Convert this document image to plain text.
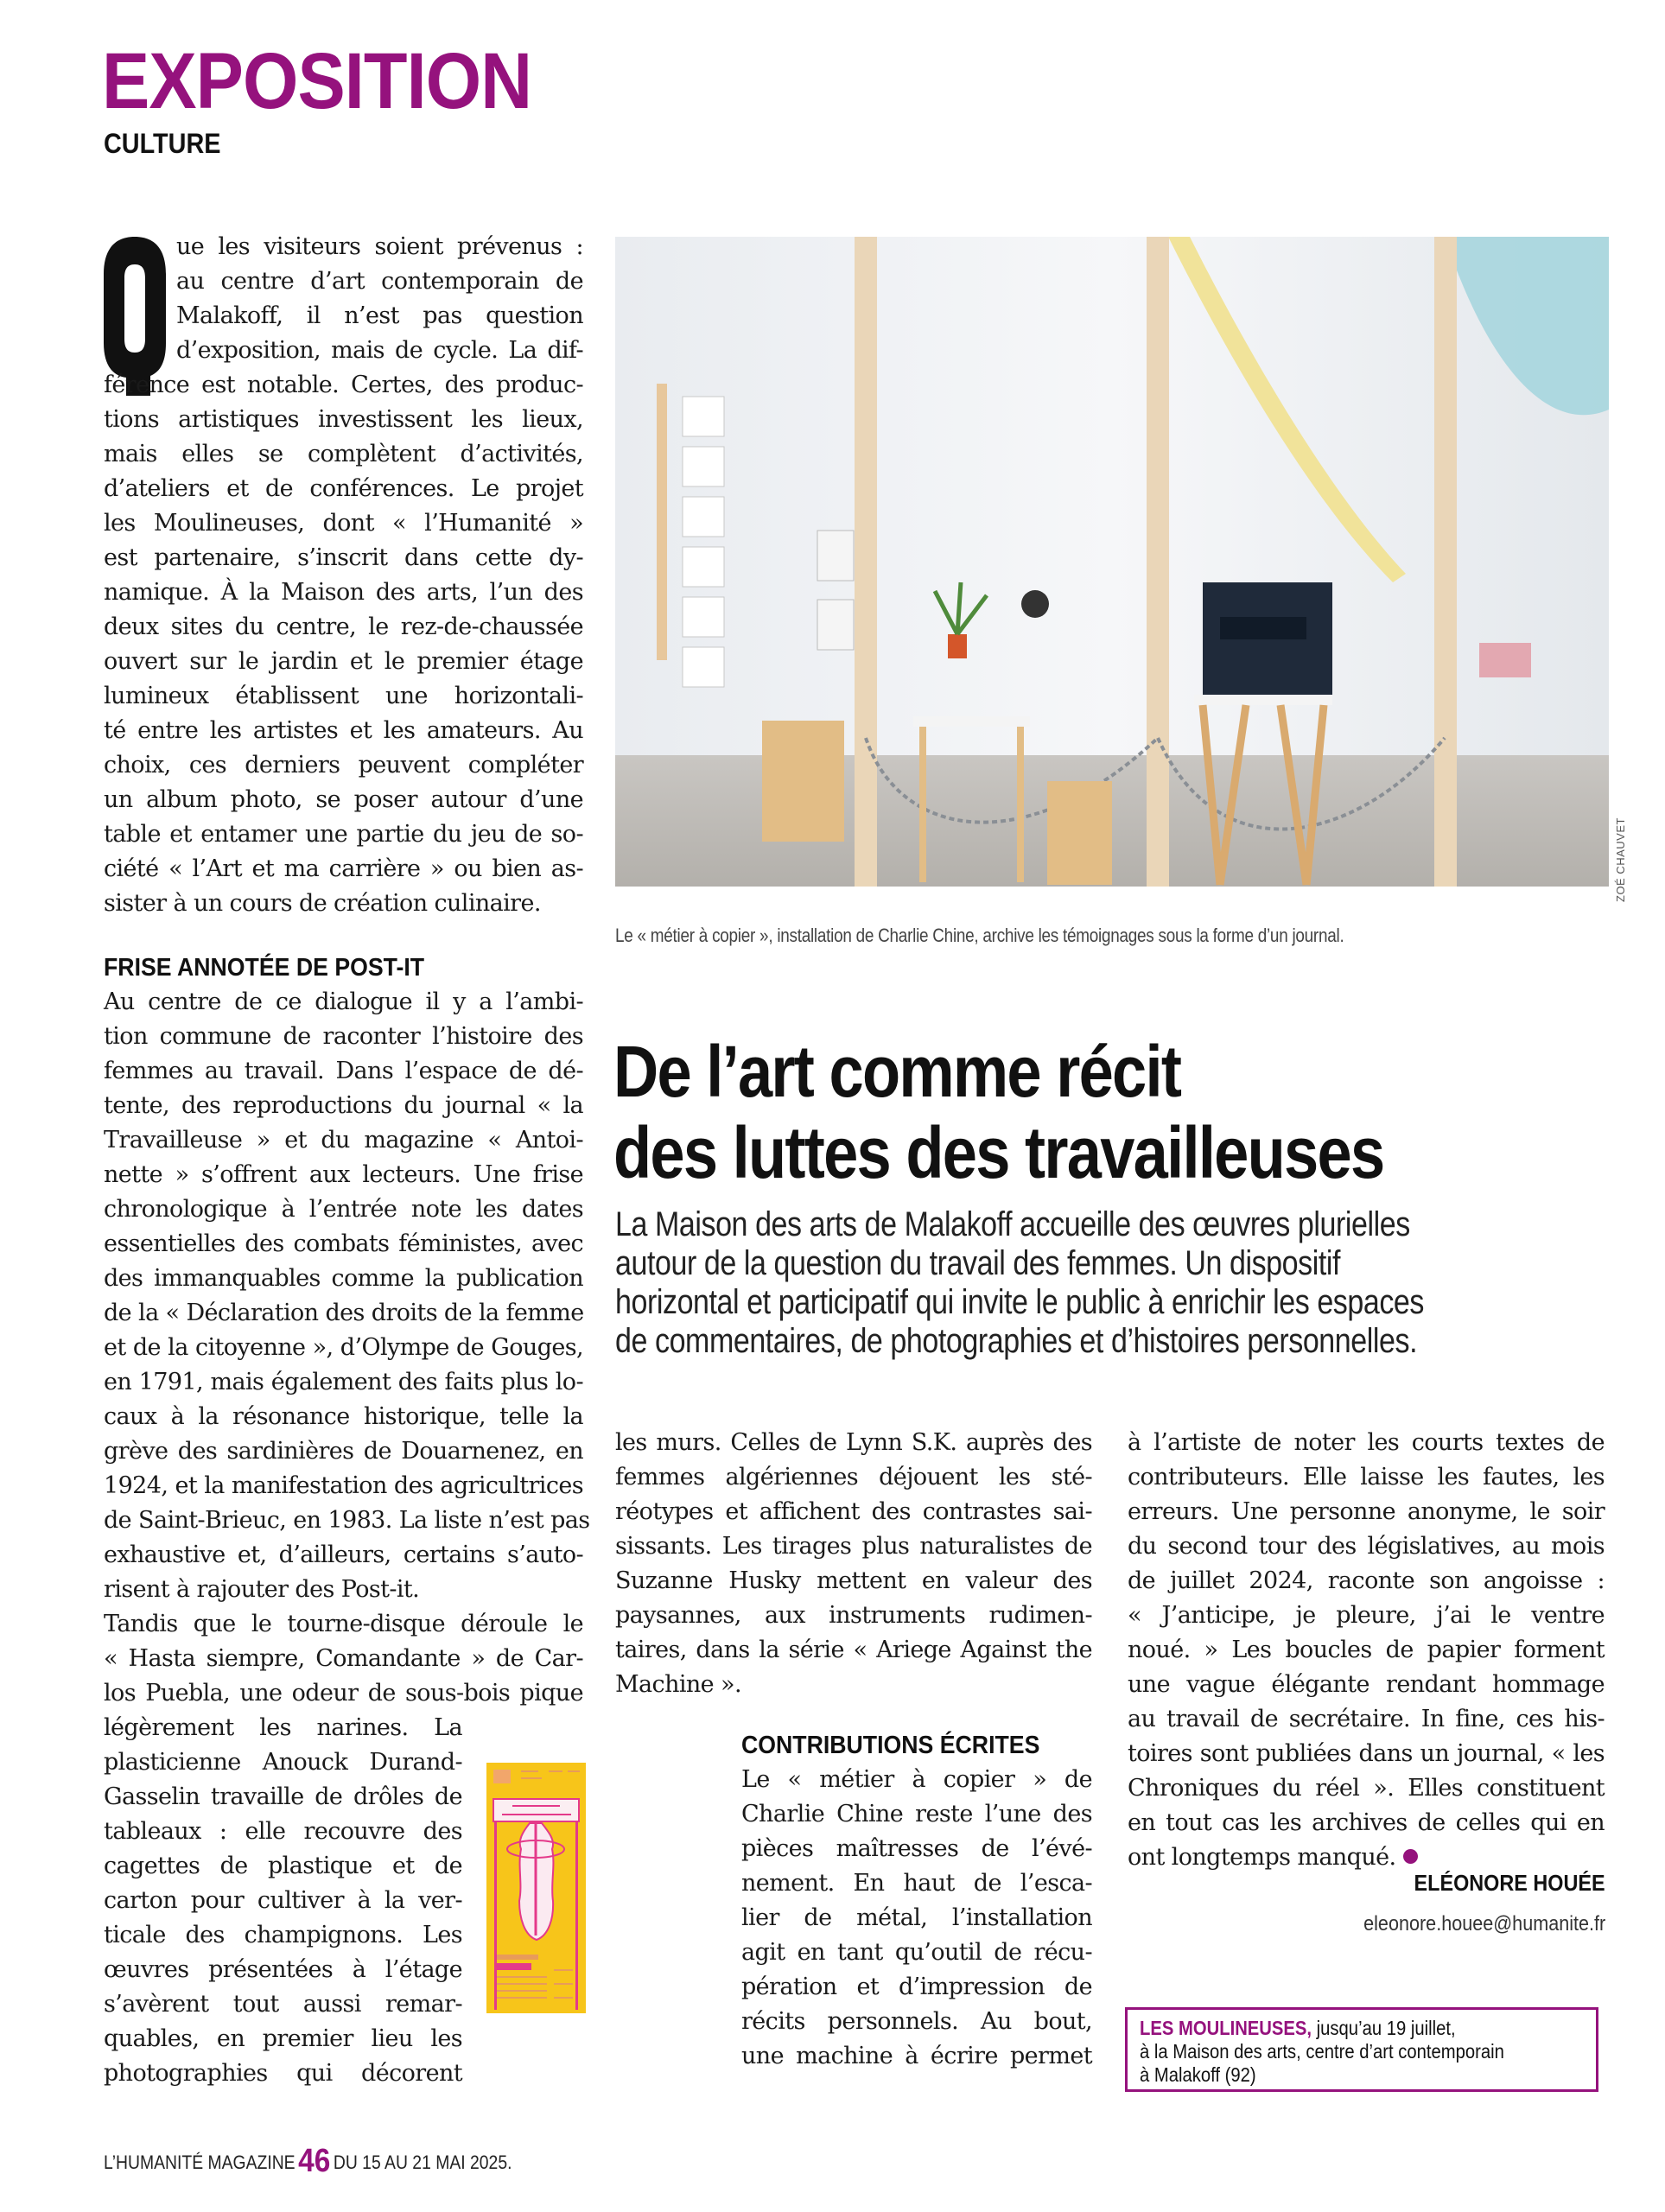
EXPOSITION
CULTURE
Q	ue les visiteurs soient prévenus :
au centre d’art contemporain de
Malakoff, il n’est pas question
d’exposition, mais de cycle. La dif-
férence est notable. Certes, des produc-
tions artistiques investissent les lieux,
mais elles se complètent d’activités,
d’ateliers et de conférences. Le projet
les Moulineuses, dont « l’Humanité »
est partenaire, s’inscrit dans cette dy-
namique. À la Maison des arts, l’un des
deux sites du centre, le rez-de-chaussée
ouvert sur le jardin et le premier étage
lumineux établissent une horizontali-
té entre les artistes et les amateurs. Au
choix, ces derniers peuvent compléter
un album photo, se poser autour d’une
table et entamer une partie du jeu de so-
ciété « l’Art et ma carrière » ou bien as-
sister à un cours de création culinaire.
FRISE ANNOTÉE DE POST-IT
Au centre de ce dialogue il y a l’ambi-
tion commune de raconter l’histoire des
femmes au travail. Dans l’espace de dé-
tente, des reproductions du journal « la
Travailleuse » et du magazine « Antoi-
nette » s’offrent aux lecteurs. Une frise
chronologique à l’entrée note les dates
essentielles des combats féministes, avec
des immanquables comme la publication
de la « Déclaration des droits de la femme
et de la citoyenne », d’Olympe de Gouges,
en 1791, mais également des faits plus lo-
caux à la résonance historique, telle la
grève des sardinières de Douarnenez, en
1924, et la manifestation des agricultrices
de Saint-Brieuc, en 1983. La liste n’est pas
exhaustive et, d’ailleurs, certains s’auto-
risent à rajouter des Post-it.
Tandis que le tourne-disque déroule le
« Hasta siempre, Comandante » de Car-
los Puebla, une odeur de sous-bois pique
légèrement les narines. La
plasticienne Anouck Durand-
Gasselin travaille de drôles de
tableaux : elle recouvre des
cagettes de plastique et de
carton pour cultiver à la ver-
ticale des champignons. Les
œuvres présentées à l’étage
s’avèrent tout aussi remar-
quables, en premier lieu les
photographies qui décorent
ZOÉ CHAUVET
Le « métier à copier », installation de Charlie Chine, archive les témoignages sous la forme d’un journal.
De l’art comme récit
des luttes des travailleuses
La Maison des arts de Malakoff accueille des œuvres plurielles
autour de la question du travail des femmes. Un dispositif
horizontal et participatif qui invite le public à enrichir les espaces
de commentaires, de photographies et d’histoires personnelles.
les murs. Celles de Lynn S.K. auprès des
femmes algériennes déjouent les sté-
réotypes et affichent des contrastes sai-
sissants. Les tirages plus naturalistes de
Suzanne Husky mettent en valeur des
paysannes, aux instruments rudimen-
taires, dans la série « Ariege Against the
Machine ».
CONTRIBUTIONS ÉCRITES
Le « métier à copier » de
Charlie Chine reste l’une des
pièces maîtresses de l’évé-
nement. En haut de l’esca-
lier de métal, l’installation
agit en tant qu’outil de récu-
pération et d’impression de
récits personnels. Au bout,
une machine à écrire permet
à l’artiste de noter les courts textes de
contributeurs. Elle laisse les fautes, les
erreurs. Une personne anonyme, le soir
du second tour des législatives, au mois
de juillet 2024, raconte son angoisse :
« J’anticipe, je pleure, j’ai le ventre
noué. » Les boucles de papier forment
une vague élégante rendant hommage
au travail de secrétaire. In fine, ces his-
toires sont publiées dans un journal, « les
Chroniques du réel ». Elles constituent
en tout cas les archives de celles qui en
ont longtemps manqué.
ELÉONORE HOUÉE
eleonore.houee@humanite.fr
LES MOULINEUSES, jusqu’au 19 juillet,
à la Maison des arts, centre d’art contemporain
à Malakoff (92)
L’HUMANITÉ MAGAZINE46 DU 15 AU 21 MAI 2025.
